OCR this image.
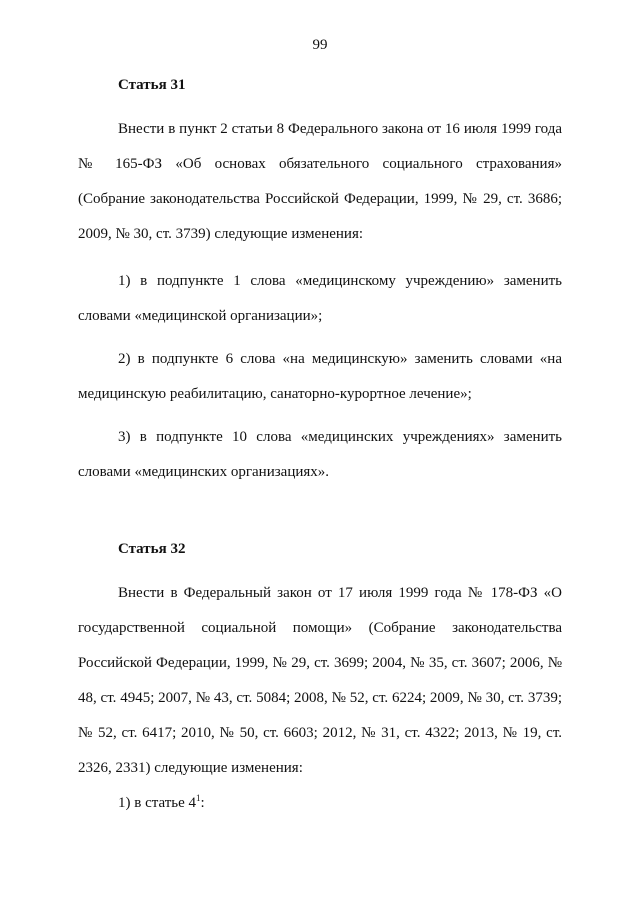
99

Статья 31

Внести в пункт 2 статьи 8 Федерального закона от 16 июля 1999 года № 165-ФЗ «Об основах обязательного социального страхования» (Собрание законодательства Российской Федерации, 1999, № 29, ст. 3686; 2009, № 30, ст. 3739) следующие изменения:

1) в подпункте 1 слова «медицинскому учреждению» заменить словами «медицинской организации»;

2) в подпункте 6 слова «на медицинскую» заменить словами «на медицинскую реабилитацию, санаторно-курортное лечение»;

3) в подпункте 10 слова «медицинских учреждениях» заменить словами «медицинских организациях».

Статья 32

Внести в Федеральный закон от 17 июля 1999 года № 178-ФЗ «О государственной социальной помощи» (Собрание законодательства Российской Федерации, 1999, № 29, ст. 3699; 2004, № 35, ст. 3607; 2006, № 48, ст. 4945; 2007, № 43, ст. 5084; 2008, № 52, ст. 6224; 2009, № 30, ст. 3739; № 52, ст. 6417; 2010, № 50, ст. 6603; 2012, № 31, ст. 4322; 2013, № 19, ст. 2326, 2331) следующие изменения:

1) в статье $4^1$:
